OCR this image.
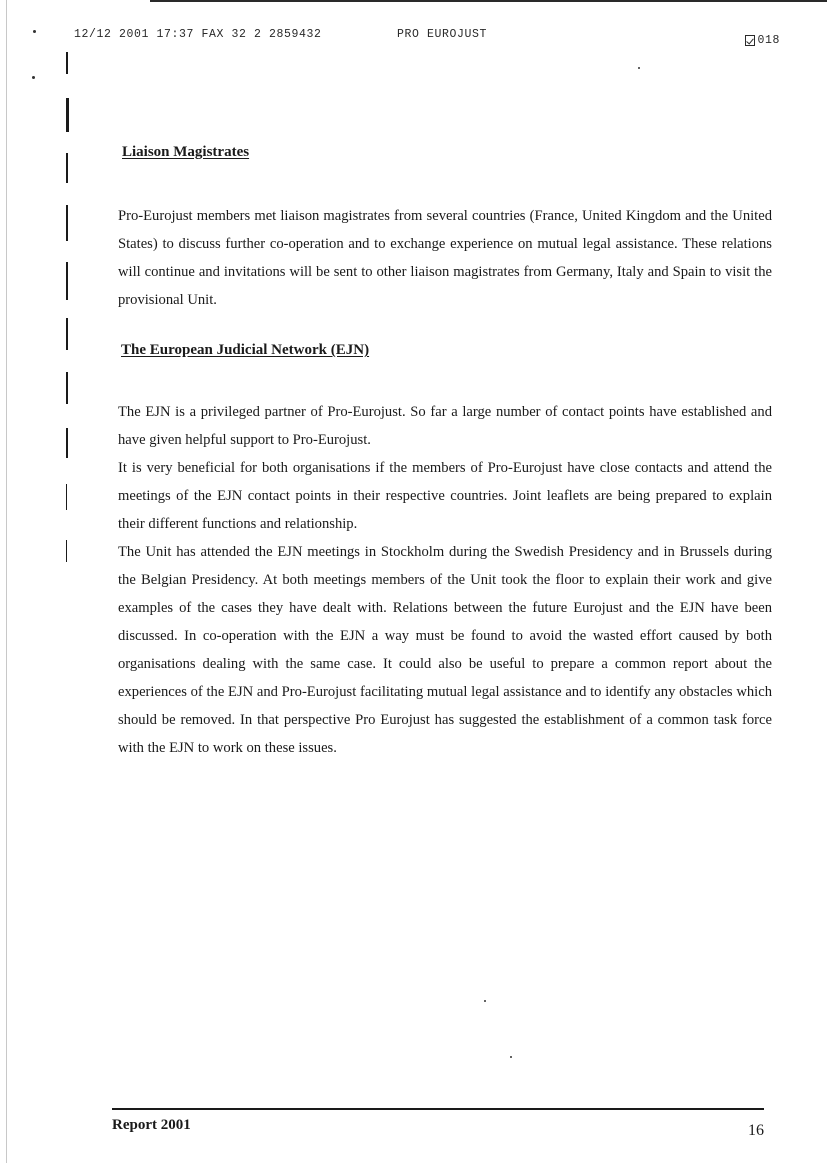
12/12 2001 17:37 FAX 32 2 2859432	PRO EUROJUST	018
Liaison Magistrates

Pro-Eurojust members met liaison magistrates from several countries (France, United Kingdom and the United States) to discuss further co-operation and to exchange experience on mutual legal assistance. These relations will continue and invitations will be sent to other liaison magistrates from Germany, Italy and Spain to visit the provisional Unit.

The European Judicial Network (EJN)

The EJN is a privileged partner of Pro-Eurojust. So far a large number of contact points have established and have given helpful support to Pro-Eurojust.

It is very beneficial for both organisations if the members of Pro-Eurojust have close contacts and attend the meetings of the EJN contact points in their respective countries. Joint leaflets are being prepared to explain their different functions and relationship.

The Unit has attended the EJN meetings in Stockholm during the Swedish Presidency and in Brussels during the Belgian Presidency. At both meetings members of the Unit took the floor to explain their work and give examples of the cases they have dealt with. Relations between the future Eurojust and the EJN have been discussed. In co-operation with the EJN a way must be found to avoid the wasted effort caused by both organisations dealing with the same case. It could also be useful to prepare a common report about the experiences of the EJN and Pro-Eurojust facilitating mutual legal assistance and to identify any obstacles which should be removed. In that perspective Pro Eurojust has suggested the establishment of a common task force with the EJN to work on these issues.

Report 2001	16
